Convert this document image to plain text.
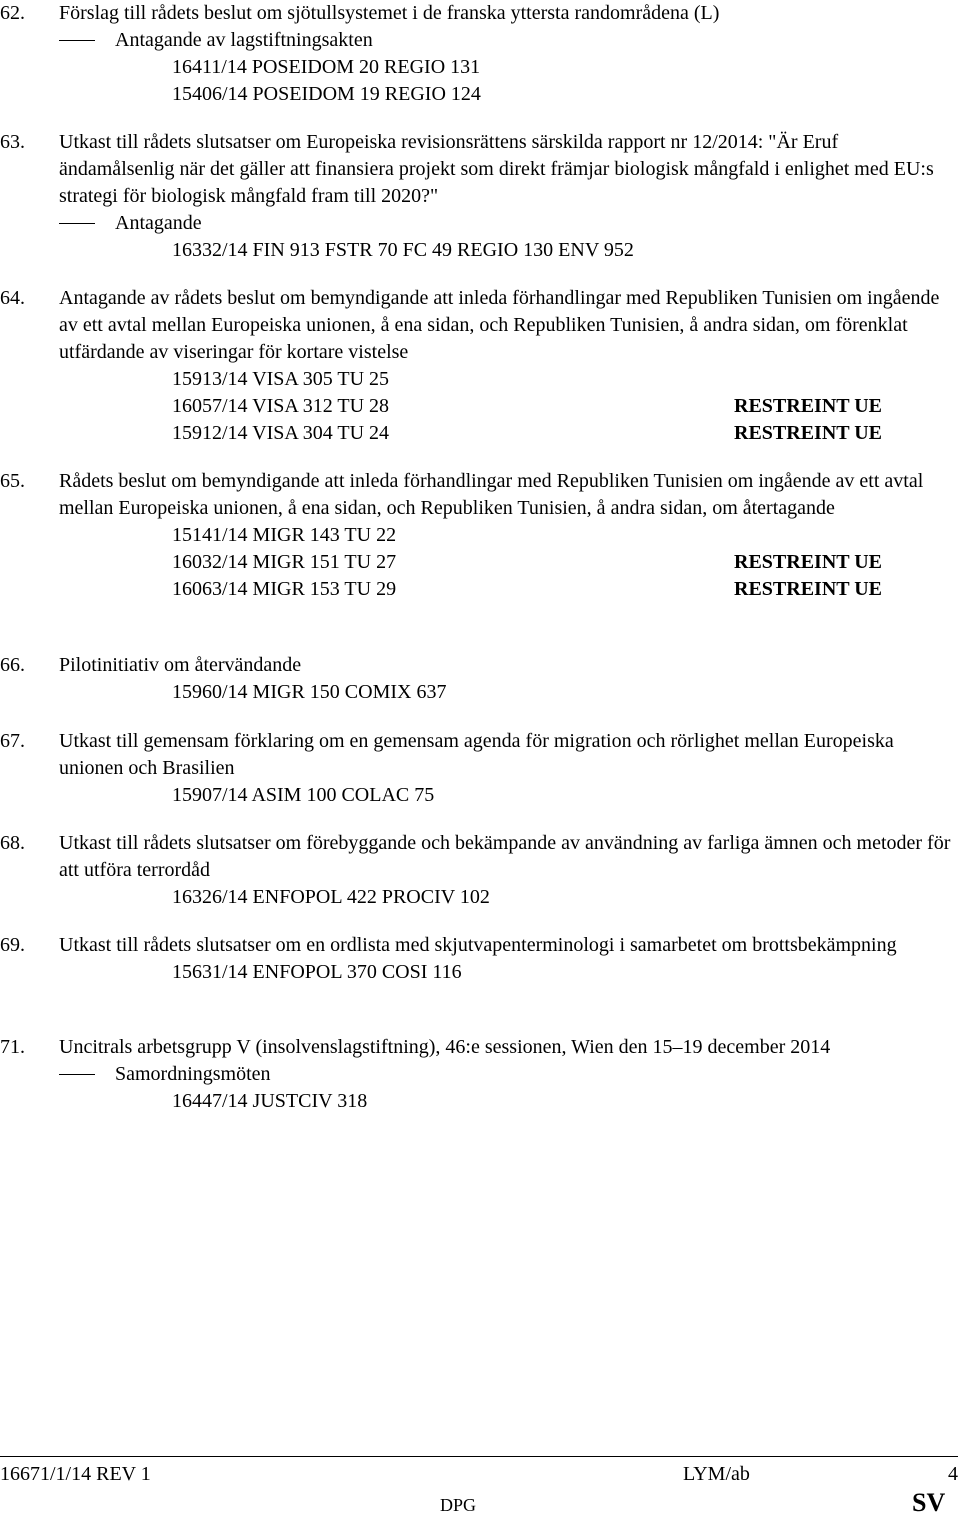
62.	Förslag till rådets beslut om sjötullsystemet i de franska yttersta randområdena (L)
Antagande av lagstiftningsakten
16411/14 POSEIDOM 20 REGIO 131
15406/14 POSEIDOM 19 REGIO 124
63.	Utkast till rådets slutsatser om Europeiska revisionsrättens särskilda rapport nr 12/2014: "Är Eruf ändamålsenlig när det gäller att finansiera projekt som direkt främjar biologisk mångfald i enlighet med EU:s strategi för biologisk mångfald fram till 2020?"
Antagande
16332/14 FIN 913 FSTR 70 FC 49 REGIO 130 ENV 952
64.	Antagande av rådets beslut om bemyndigande att inleda förhandlingar med Republiken Tunisien om ingående av ett avtal mellan Europeiska unionen, å ena sidan, och Republiken Tunisien, å andra sidan, om förenklat utfärdande av viseringar för kortare vistelse
15913/14 VISA 305 TU 25
16057/14 VISA 312 TU 28	RESTREINT UE
15912/14 VISA 304 TU 24	RESTREINT UE
65.	Rådets beslut om bemyndigande att inleda förhandlingar med Republiken Tunisien om ingående av ett avtal mellan Europeiska unionen, å ena sidan, och Republiken Tunisien, å andra sidan, om återtagande
15141/14 MIGR 143 TU 22
16032/14 MIGR 151 TU 27	RESTREINT UE
16063/14 MIGR 153 TU 29	RESTREINT UE
66.	Pilotinitiativ om återvändande
15960/14 MIGR 150 COMIX 637
67.	Utkast till gemensam förklaring om en gemensam agenda för migration och rörlighet mellan Europeiska unionen och Brasilien
15907/14 ASIM 100 COLAC 75
68.	Utkast till rådets slutsatser om förebyggande och bekämpande av användning av farliga ämnen och metoder för att utföra terrordåd
16326/14 ENFOPOL 422 PROCIV 102
69.	Utkast till rådets slutsatser om en ordlista med skjutvapenterminologi i samarbetet om brottsbekämpning
15631/14 ENFOPOL 370 COSI 116
71.	Uncitrals arbetsgrupp V (insolvenslagstiftning), 46:e sessionen, Wien den 15–19 december 2014
Samordningsmöten
16447/14 JUSTCIV 318
16671/1/14 REV 1	LYM/ab	4
DPG	SV
